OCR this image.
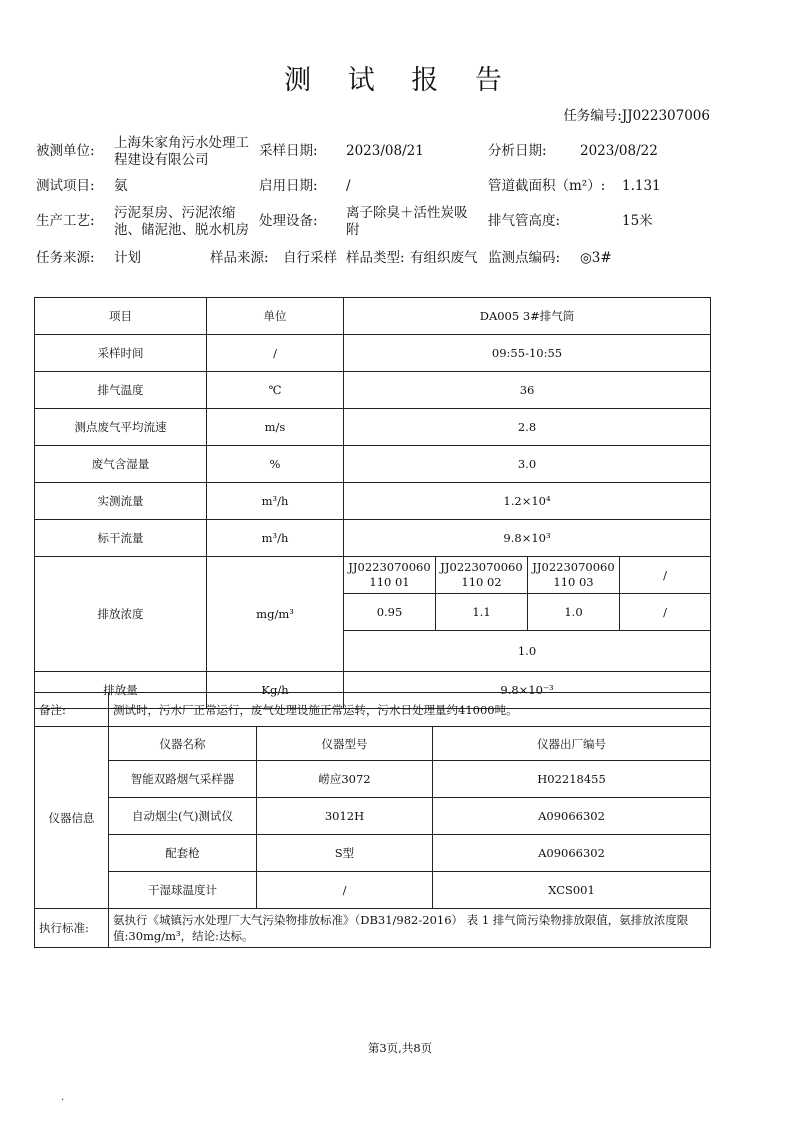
测 试 报 告
任务编号:JJ022307006
被测单位: 上海朱家角污水处理工
程建设有限公司
采样日期: 2023/08/21	分析日期: 2023/08/22
测试项目: 氨	启用日期: /	管道截面积（m²）: 1.131
生产工艺: 污泥泵房、污泥浓缩
池、储泥池、脱水机房
处理设备: 离子除臭＋活性炭吸
附
排气管高度:	15米
任务来源: 计划	样品来源: 自行采样 样品类型: 有组织废气 监测点编码: ◎3#
项目	单位	DA005 3#排气筒			
采样时间	/	09:55-10:55			
排气温度	℃	36			
测点废气平均流速	m/s	2.8			
废气含湿量	%	3.0			
实测流量	m³/h	1.2×10⁴			
标干流量	m³/h	9.8×10³			
排放浓度	mg/m³	JJ0223070060110 01	JJ0223070060110 02	JJ0223070060110 03	/
		0.95	1.1	1.0	/
		1.0			
排放量	Kg/h	9.8×10⁻³			
备注:	测试时，污水厂正常运行，废气处理设施正常运转，污水日处理量约41000吨。		
仪器信息	仪器名称	仪器型号	仪器出厂编号
	智能双路烟气采样器	崂应3072	H02218455
	自动烟尘(气)测试仪	3012H	A09066302
	配套枪	S型	A09066302
	干湿球温度计	/	XCS001
执行标准:	氨执行《城镇污水处理厂大气污染物排放标准》（DB31/982-2016） 表 1 排气筒污染物排放限值，氨排放浓度限值:30mg/m³，结论:达标。		
第3页,共8页
.
